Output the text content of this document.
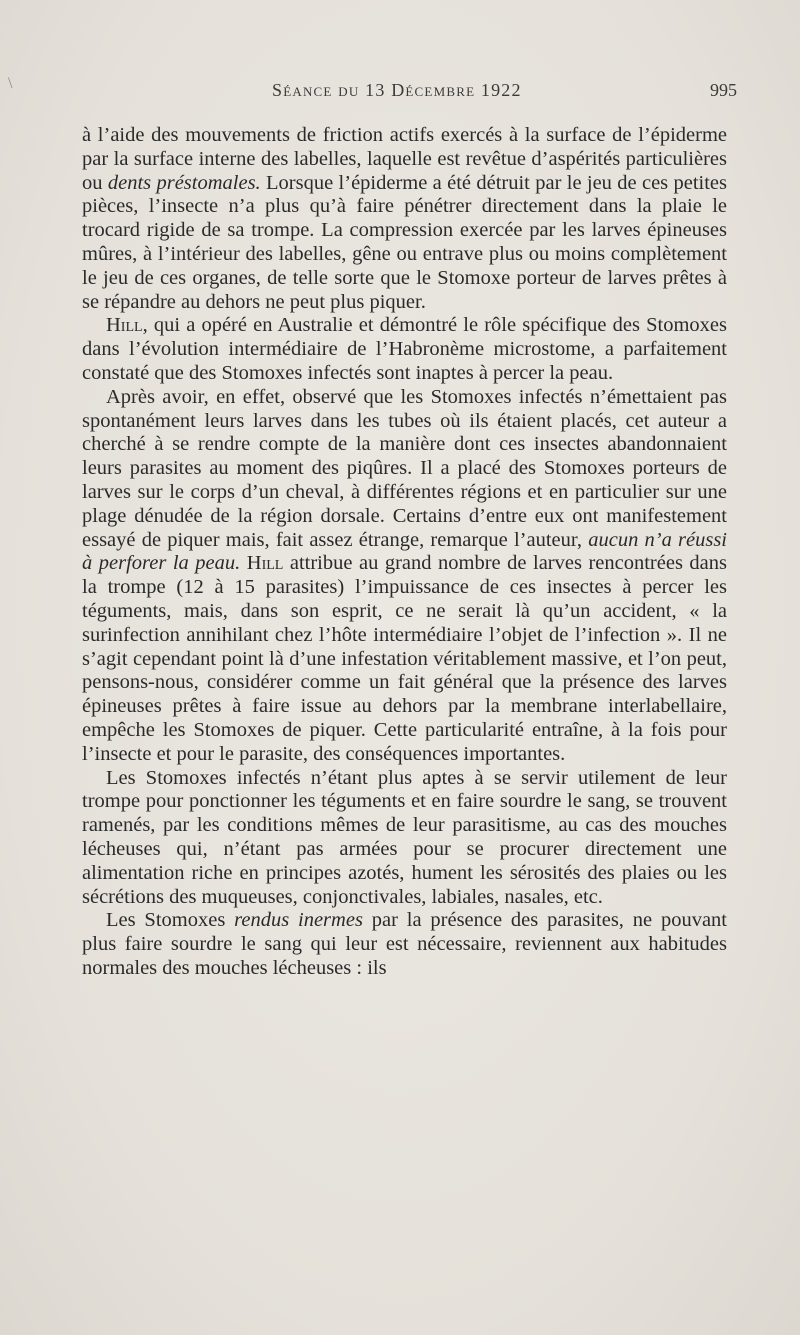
\	Séance du 13 Décembre 1922	995

à l’aide des mouvements de friction actifs exercés à la surface de l’épiderme par la surface interne des labelles, laquelle est revêtue d’aspérités particulières ou dents préstomales. Lorsque l’épiderme a été détruit par le jeu de ces petites pièces, l’insecte n’a plus qu’à faire pénétrer directement dans la plaie le trocard rigide de sa trompe. La compression exercée par les larves épineuses mûres, à l’intérieur des labelles, gêne ou entrave plus ou moins complètement le jeu de ces organes, de telle sorte que le Stomoxe porteur de larves prêtes à se répandre au dehors ne peut plus piquer.

Hill, qui a opéré en Australie et démontré le rôle spécifique des Stomoxes dans l’évolution intermédiaire de l’Habronème microstome, a parfaitement constaté que des Stomoxes infectés sont inaptes à percer la peau.

Après avoir, en effet, observé que les Stomoxes infectés n’émettaient pas spontanément leurs larves dans les tubes où ils étaient placés, cet auteur a cherché à se rendre compte de la manière dont ces insectes abandonnaient leurs parasites au moment des piqûres. Il a placé des Stomoxes porteurs de larves sur le corps d’un cheval, à différentes régions et en particulier sur une plage dénudée de la région dorsale. Certains d’entre eux ont manifestement essayé de piquer mais, fait assez étrange, remarque l’auteur, aucun n’a réussi à perforer la peau. Hill attribue au grand nombre de larves rencontrées dans la trompe (12 à 15 parasites) l’impuissance de ces insectes à percer les téguments, mais, dans son esprit, ce ne serait là qu’un accident, « la surinfection annihilant chez l’hôte intermédiaire l’objet de l’infection ». Il ne s’agit cependant point là d’une infestation véritablement massive, et l’on peut, pensons-nous, considérer comme un fait général que la présence des larves épineuses prêtes à faire issue au dehors par la membrane interlabellaire, empêche les Stomoxes de piquer. Cette particularité entraîne, à la fois pour l’insecte et pour le parasite, des conséquences importantes.

Les Stomoxes infectés n’étant plus aptes à se servir utilement de leur trompe pour ponctionner les téguments et en faire sourdre le sang, se trouvent ramenés, par les conditions mêmes de leur parasitisme, au cas des mouches lécheuses qui, n’étant pas armées pour se procurer directement une alimentation riche en principes azotés, hument les sérosités des plaies ou les sécrétions des muqueuses, conjonctivales, labiales, nasales, etc.

Les Stomoxes rendus inermes par la présence des parasites, ne pouvant plus faire sourdre le sang qui leur est nécessaire, reviennent aux habitudes normales des mouches lécheuses : ils
